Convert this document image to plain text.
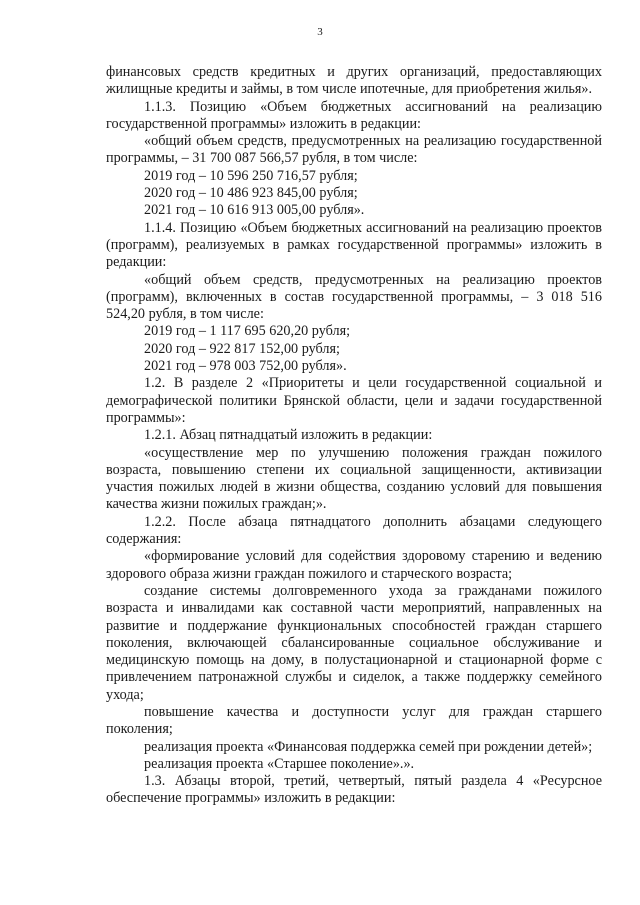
3

финансовых средств кредитных и других организаций, предоставляющих жилищные кредиты и займы, в том числе ипотечные, для приобретения жилья».

1.1.3. Позицию «Объем бюджетных ассигнований на реализацию государственной программы» изложить в редакции:

«общий объем средств, предусмотренных на реализацию государственной программы, – 31 700 087 566,57 рубля, в том числе:

2019 год – 10 596 250 716,57 рубля;

2020 год – 10 486 923 845,00 рубля;

2021 год – 10 616 913 005,00 рубля».

1.1.4. Позицию «Объем бюджетных ассигнований на реализацию проектов (программ), реализуемых в рамках государственной программы» изложить в редакции:

«общий объем средств, предусмотренных на реализацию проектов (программ), включенных в состав государственной программы, – 3 018 516 524,20 рубля, в том числе:

2019 год – 1 117 695 620,20 рубля;

2020 год – 922 817 152,00 рубля;

2021 год – 978 003 752,00 рубля».

1.2. В разделе 2 «Приоритеты и цели государственной социальной и демографической политики Брянской области, цели и задачи государственной программы»:

1.2.1. Абзац пятнадцатый изложить в редакции:

«осуществление мер по улучшению положения граждан пожилого возраста, повышению степени их социальной защищенности, активизации участия пожилых людей в жизни общества, созданию условий для повышения качества жизни пожилых граждан;».

1.2.2. После абзаца пятнадцатого дополнить абзацами следующего содержания:

«формирование условий для содействия здоровому старению и ведению здорового образа жизни граждан пожилого и старческого возраста;

создание системы долговременного ухода за гражданами пожилого возраста и инвалидами как составной части мероприятий, направленных на развитие и поддержание функциональных способностей граждан старшего поколения, включающей сбалансированные социальное обслуживание и медицинскую помощь на дому, в полустационарной и стационарной форме с привлечением патронажной службы и сиделок, а также поддержку семейного ухода;

повышение качества и доступности услуг для граждан старшего поколения;

реализация проекта «Финансовая поддержка семей при рождении детей»;

реализация проекта «Старшее поколение».».

1.3. Абзацы второй, третий, четвертый, пятый раздела 4 «Ресурсное обеспечение программы» изложить в редакции:
